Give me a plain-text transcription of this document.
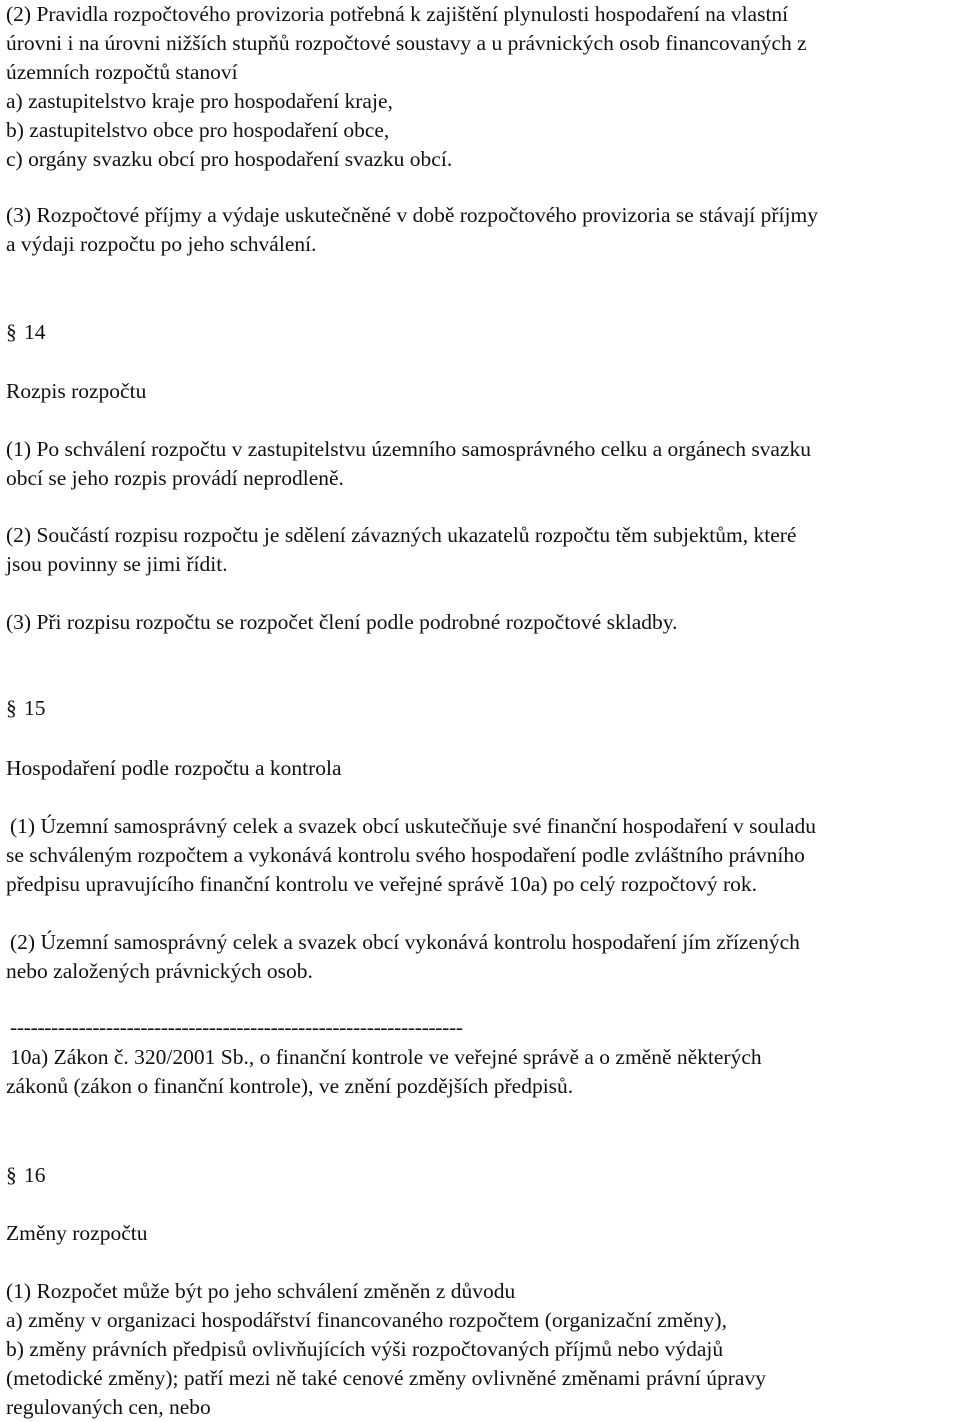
(2) Pravidla rozpočtového provizoria potřebná k zajištění plynulosti hospodaření na vlastní
úrovni i na úrovni nižších stupňů rozpočtové soustavy a u právnických osob financovaných z
územních rozpočtů stanoví
a) zastupitelstvo kraje pro hospodaření kraje,
b) zastupitelstvo obce pro hospodaření obce,
c) orgány svazku obcí pro hospodaření svazku obcí.
(3) Rozpočtové příjmy a výdaje uskutečněné v době rozpočtového provizoria se stávají příjmy
a výdaji rozpočtu po jeho schválení.
§ 14
Rozpis rozpočtu
(1) Po schválení rozpočtu v zastupitelstvu územního samosprávného celku a orgánech svazku
obcí se jeho rozpis provádí neprodleně.
(2) Součástí rozpisu rozpočtu je sdělení závazných ukazatelů rozpočtu těm subjektům, které
jsou povinny se jimi řídit.
(3) Při rozpisu rozpočtu se rozpočet člení podle podrobné rozpočtové skladby.
§ 15
Hospodaření podle rozpočtu a kontrola
(1) Územní samosprávný celek a svazek obcí uskutečňuje své finanční hospodaření v souladu
se schváleným rozpočtem a vykonává kontrolu svého hospodaření podle zvláštního právního
předpisu upravujícího finanční kontrolu ve veřejné správě 10a) po celý rozpočtový rok.
(2) Územní samosprávný celek a svazek obcí vykonává kontrolu hospodaření jím zřízených
nebo založených právnických osob.
------------------------------------------------------------------
10a) Zákon č. 320/2001 Sb., o finanční kontrole ve veřejné správě a o změně některých
zákonů (zákon o finanční kontrole), ve znění pozdějších předpisů.
§ 16
Změny rozpočtu
(1) Rozpočet může být po jeho schválení změněn z důvodu
a) změny v organizaci hospodářství financovaného rozpočtem (organizační změny),
b) změny právních předpisů ovlivňujících výši rozpočtovaných příjmů nebo výdajů
(metodické změny); patří mezi ně také cenové změny ovlivněné změnami právní úpravy
regulovaných cen, nebo
